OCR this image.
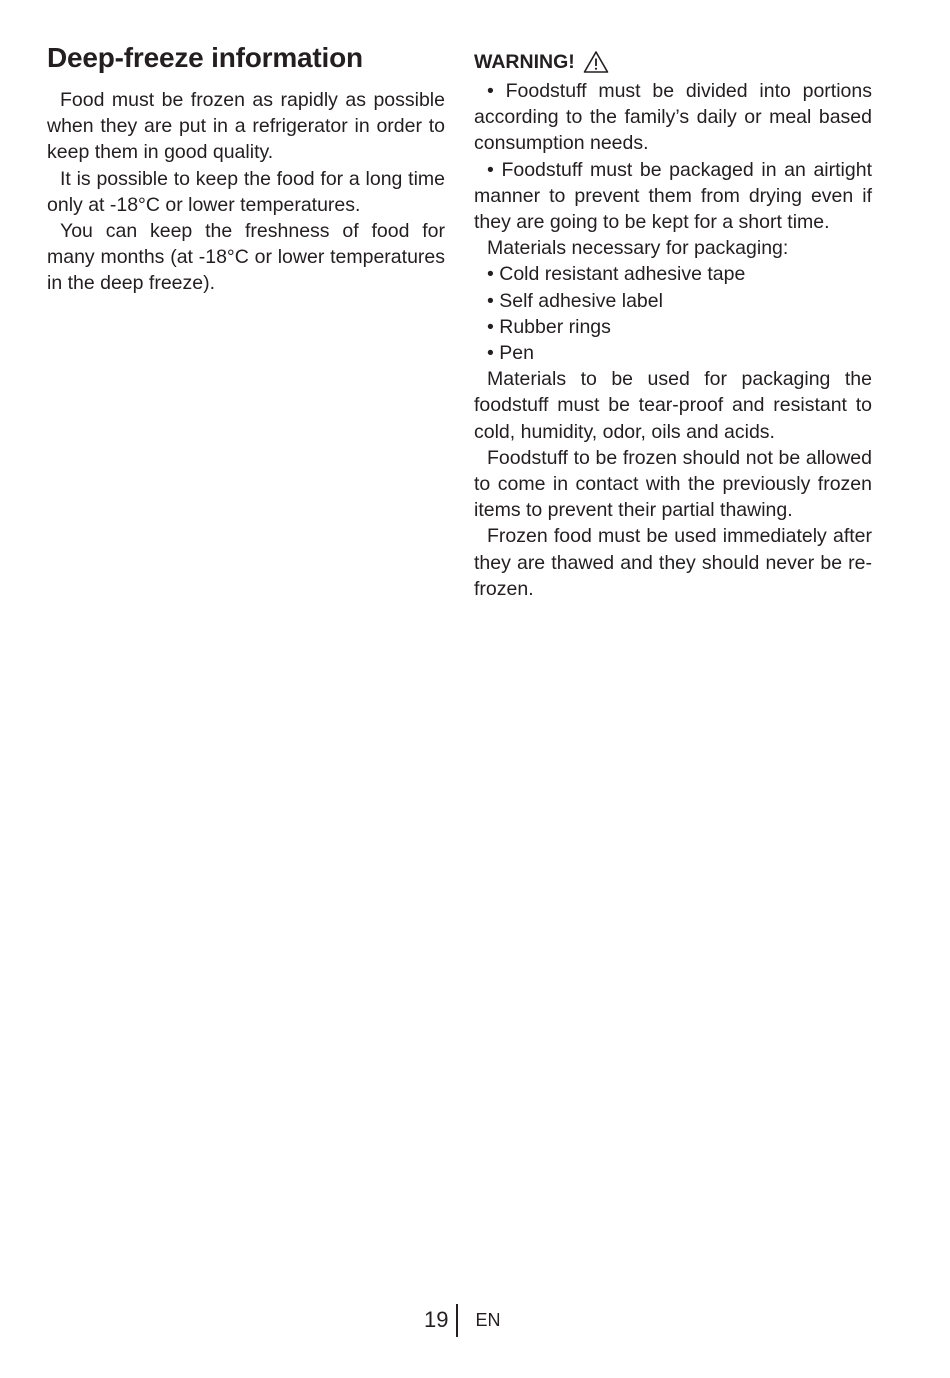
Deep-freeze information

Food must be frozen as rapidly as possible when they are put in a refrigerator in order to keep them in good quality.

It is possible to keep the food for a long time only at -18°C or lower temperatures.

You can keep the freshness of food for many months (at -18°C or lower temperatures in the deep freeze).

WARNING!

• Foodstuff must be divided into portions according to the family’s daily or meal based consumption needs.

• Foodstuff must be packaged in an airtight manner to prevent them from drying even if they are going to be kept for a short time.

Materials necessary for packaging:

• Cold resistant adhesive tape

• Self adhesive label

• Rubber rings

• Pen

Materials to be used for packaging the foodstuff must be tear-proof and resistant to cold, humidity, odor, oils and acids.

Foodstuff to be frozen should not be allowed to come in contact with the previously frozen items to prevent their partial thawing.

Frozen food must be used immediately after they are thawed and they should never be re-frozen.

19 EN
